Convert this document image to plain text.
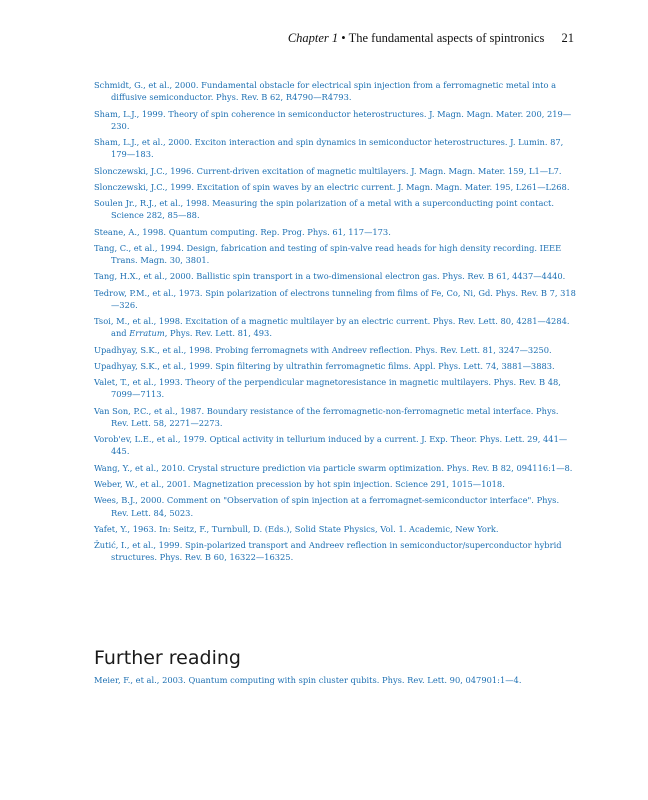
Chapter 1 • The fundamental aspects of spintronics 21
Schmidt, G., et al., 2000. Fundamental obstacle for electrical spin injection from a ferromagnetic metal into a diffusive semiconductor. Phys. Rev. B 62, R4790—R4793.
Sham, L.J., 1999. Theory of spin coherence in semiconductor heterostructures. J. Magn. Magn. Mater. 200, 219—230.
Sham, L.J., et al., 2000. Exciton interaction and spin dynamics in semiconductor heterostructures. J. Lumin. 87, 179—183.
Slonczewski, J.C., 1996. Current-driven excitation of magnetic multilayers. J. Magn. Magn. Mater. 159, L1—L7.
Slonczewski, J.C., 1999. Excitation of spin waves by an electric current. J. Magn. Magn. Mater. 195, L261—L268.
Soulen Jr., R.J., et al., 1998. Measuring the spin polarization of a metal with a superconducting point contact. Science 282, 85—88.
Steane, A., 1998. Quantum computing. Rep. Prog. Phys. 61, 117—173.
Tang, C., et al., 1994. Design, fabrication and testing of spin-valve read heads for high density recording. IEEE Trans. Magn. 30, 3801.
Tang, H.X., et al., 2000. Ballistic spin transport in a two-dimensional electron gas. Phys. Rev. B 61, 4437—4440.
Tedrow, P.M., et al., 1973. Spin polarization of electrons tunneling from films of Fe, Co, Ni, Gd. Phys. Rev. B 7, 318—326.
Tsoi, M., et al., 1998. Excitation of a magnetic multilayer by an electric current. Phys. Rev. Lett. 80, 4281—4284. and Erratum, Phys. Rev. Lett. 81, 493.
Upadhyay, S.K., et al., 1998. Probing ferromagnets with Andreev reflection. Phys. Rev. Lett. 81, 3247—3250.
Upadhyay, S.K., et al., 1999. Spin filtering by ultrathin ferromagnetic films. Appl. Phys. Lett. 74, 3881—3883.
Valet, T., et al., 1993. Theory of the perpendicular magnetoresistance in magnetic multilayers. Phys. Rev. B 48, 7099—7113.
Van Son, P.C., et al., 1987. Boundary resistance of the ferromagnetic-non-ferromagnetic metal interface. Phys. Rev. Lett. 58, 2271—2273.
Vorob'ev, L.E., et al., 1979. Optical activity in tellurium induced by a current. J. Exp. Theor. Phys. Lett. 29, 441—445.
Wang, Y., et al., 2010. Crystal structure prediction via particle swarm optimization. Phys. Rev. B 82, 094116:1—8.
Weber, W., et al., 2001. Magnetization precession by hot spin injection. Science 291, 1015—1018.
Wees, B.J., 2000. Comment on "Observation of spin injection at a ferromagnet-semiconductor interface". Phys. Rev. Lett. 84, 5023.
Yafet, Y., 1963. In: Seitz, F., Turnbull, D. (Eds.), Solid State Physics, Vol. 1. Academic, New York.
Žutić, I., et al., 1999. Spin-polarized transport and Andreev reflection in semiconductor/superconductor hybrid structures. Phys. Rev. B 60, 16322—16325.
Further reading
Meier, F., et al., 2003. Quantum computing with spin cluster qubits. Phys. Rev. Lett. 90, 047901:1—4.
